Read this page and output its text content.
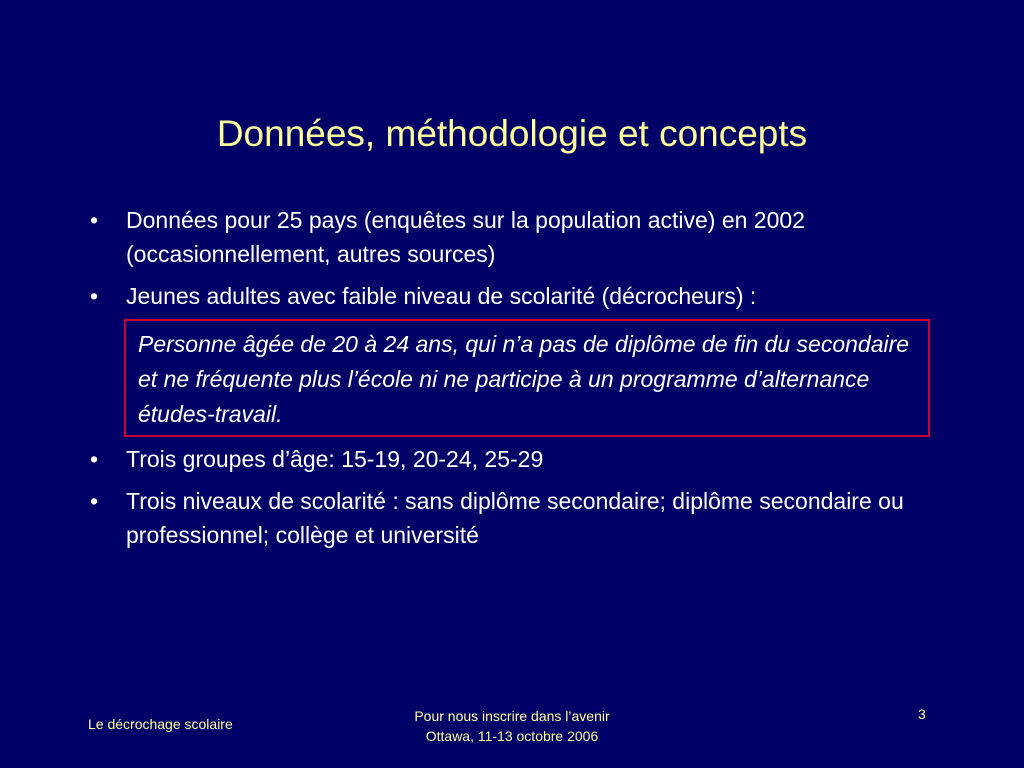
Données, méthodologie et concepts
• Données pour 25 pays (enquêtes sur la population active) en 2002 (occasionnellement, autres sources)
• Jeunes adultes avec faible niveau de scolarité (décrocheurs) :
Personne âgée de 20 à 24 ans, qui n’a pas de diplôme de fin du secondaire et ne fréquente plus l’école ni ne participe à un programme d’alternance études-travail.
• Trois groupes d’âge: 15-19, 20-24, 25-29
• Trois niveaux de scolarité : sans diplôme secondaire; diplôme secondaire ou professionnel; collège et université
Le décrochage scolaire	Pour nous inscrire dans l’avenir
Ottawa, 11-13 octobre 2006
3
